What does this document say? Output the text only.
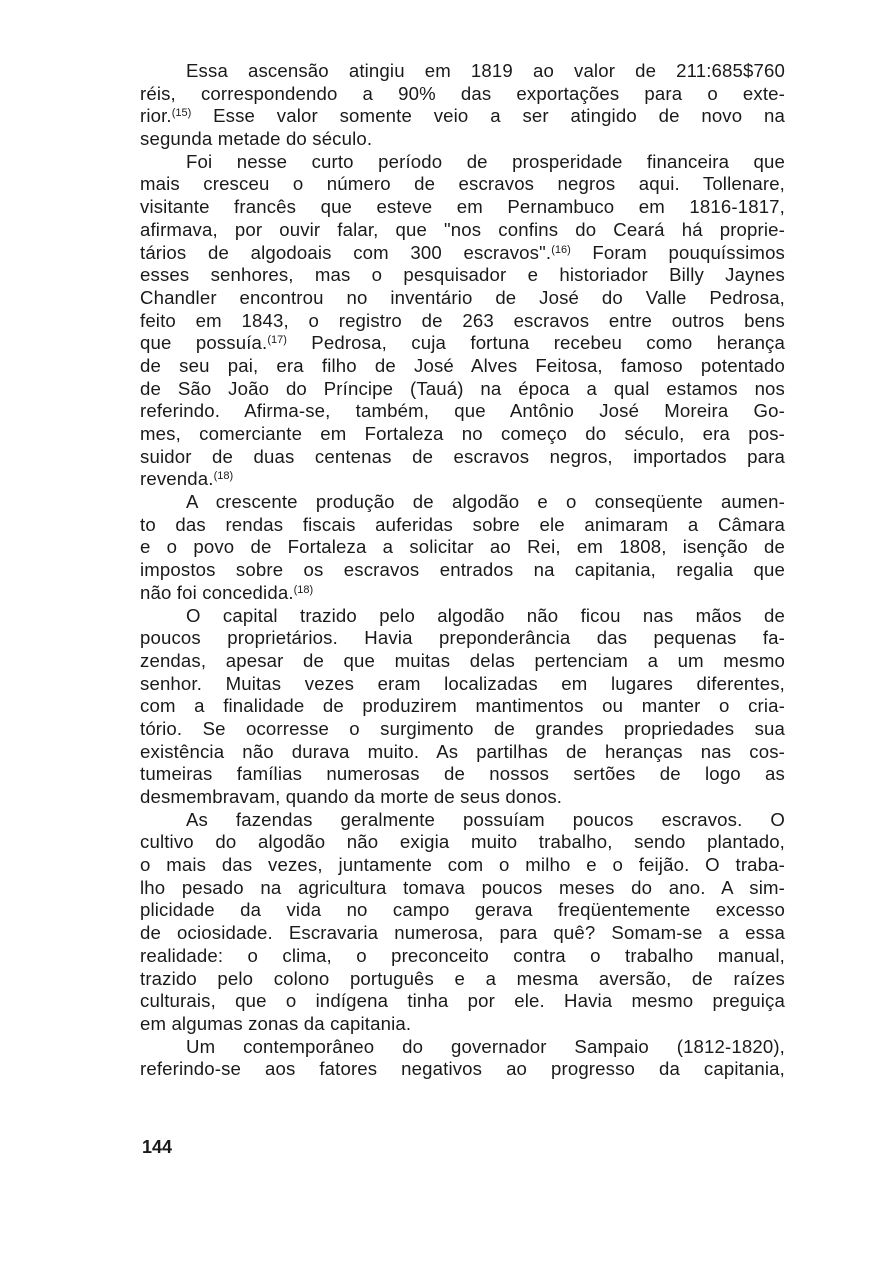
Essa ascensão atingiu em 1819 ao valor de 211:685$760
réis, correspondendo a 90% das exportações para o exte-
rior.$^{(15)}$ Esse valor somente veio a ser atingido de novo na
segunda metade do século.
Foi nesse curto período de prosperidade financeira que
mais cresceu o número de escravos negros aqui. Tollenare,
visitante francês que esteve em Pernambuco em 1816-1817,
afirmava, por ouvir falar, que "nos confins do Ceará há proprie-
tários de algodoais com 300 escravos".$^{(16)}$ Foram pouquíssimos
esses senhores, mas o pesquisador e historiador Billy Jaynes
Chandler encontrou no inventário de José do Valle Pedrosa,
feito em 1843, o registro de 263 escravos entre outros bens
que possuía.$^{(17)}$ Pedrosa, cuja fortuna recebeu como herança
de seu pai, era filho de José Alves Feitosa, famoso potentado
de São João do Príncipe (Tauá) na época a qual estamos nos
referindo. Afirma-se, também, que Antônio José Moreira Go-
mes, comerciante em Fortaleza no começo do século, era pos-
suidor de duas centenas de escravos negros, importados para
revenda.$^{(18)}$
A crescente produção de algodão e o conseqüente aumen-
to das rendas fiscais auferidas sobre ele animaram a Câmara
e o povo de Fortaleza a solicitar ao Rei, em 1808, isenção de
impostos sobre os escravos entrados na capitania, regalia que
não foi concedida.$^{(18)}$
O capital trazido pelo algodão não ficou nas mãos de
poucos proprietários. Havia preponderância das pequenas fa-
zendas, apesar de que muitas delas pertenciam a um mesmo
senhor. Muitas vezes eram localizadas em lugares diferentes,
com a finalidade de produzirem mantimentos ou manter o cria-
tório. Se ocorresse o surgimento de grandes propriedades sua
existência não durava muito. As partilhas de heranças nas cos-
tumeiras famílias numerosas de nossos sertões de logo as
desmembravam, quando da morte de seus donos.
As fazendas geralmente possuíam poucos escravos. O
cultivo do algodão não exigia muito trabalho, sendo plantado,
o mais das vezes, juntamente com o milho e o feijão. O traba-
lho pesado na agricultura tomava poucos meses do ano. A sim-
plicidade da vida no campo gerava freqüentemente excesso
de ociosidade. Escravaria numerosa, para quê? Somam-se a essa
realidade: o clima, o preconceito contra o trabalho manual,
trazido pelo colono português e a mesma aversão, de raízes
culturais, que o indígena tinha por ele. Havia mesmo preguiça
em algumas zonas da capitania.
Um contemporâneo do governador Sampaio (1812-1820),
referindo-se aos fatores negativos ao progresso da capitania,
144
